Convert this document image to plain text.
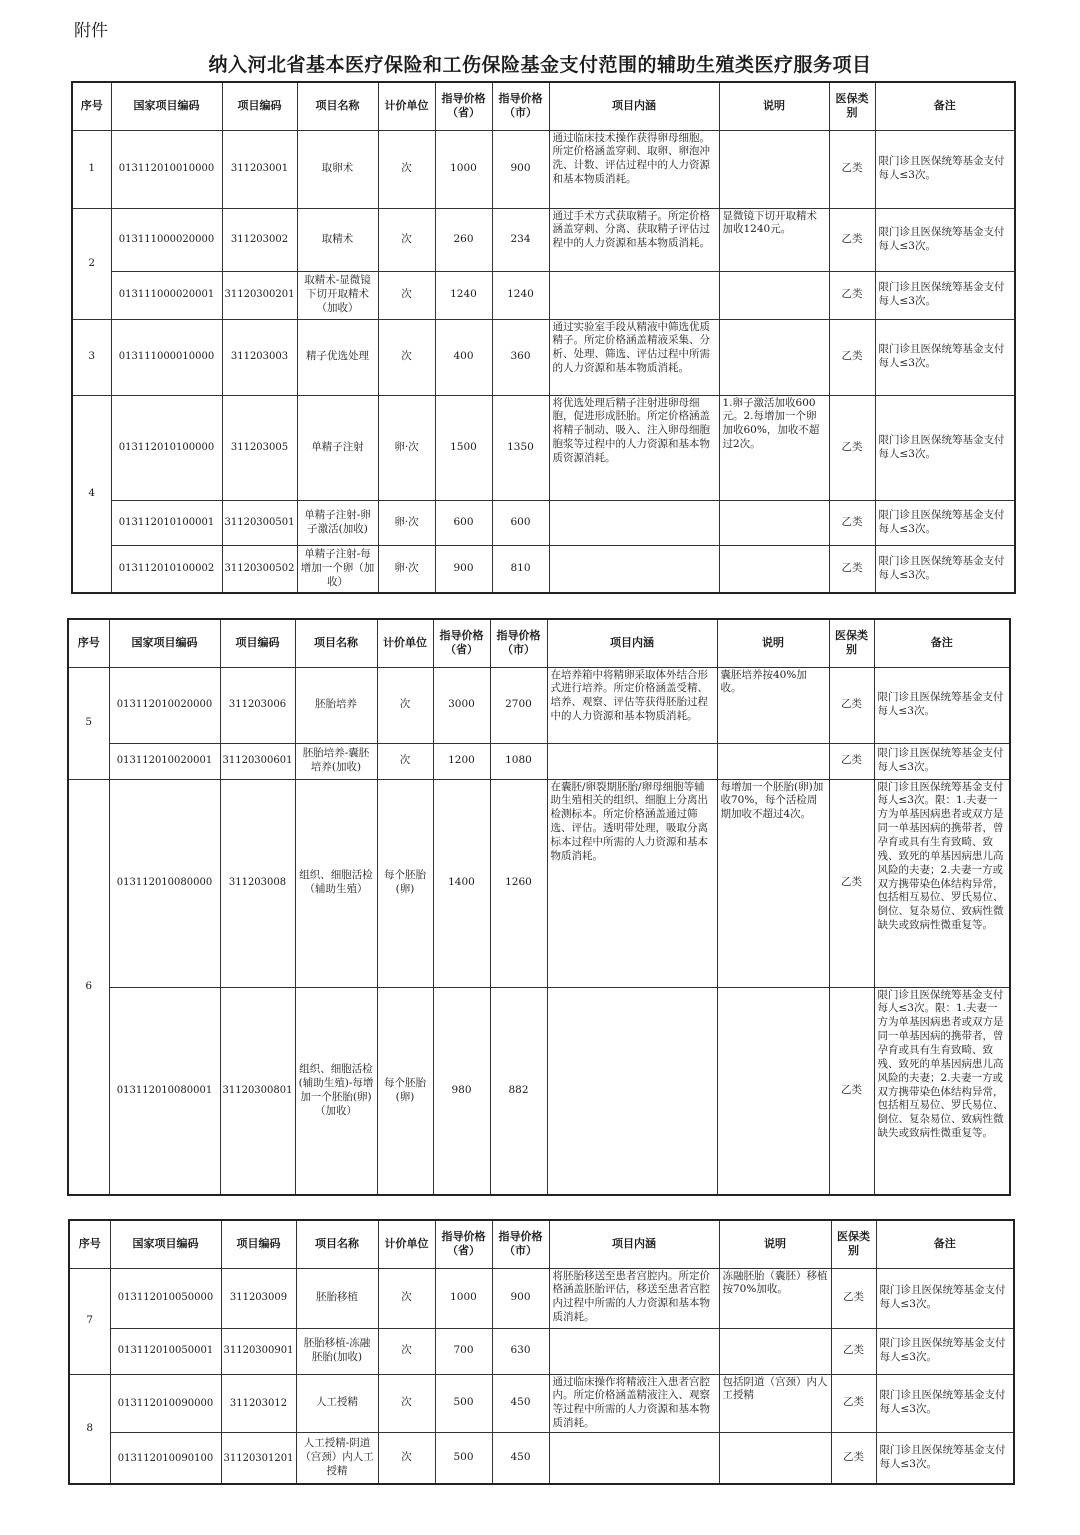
附件
纳入河北省基本医疗保险和工伤保险基金支付范围的辅助生殖类医疗服务项目
序号	国家项目编码	项目编码	项目名称	计价单位	指导价格（省）	指导价格（市）	项目内涵	说明	医保类别	备注
1	013112010010000	311203001	取卵术	次	1000	900	通过临床技术操作获得卵母细胞。所定价格涵盖穿刺、取卵、卵泡冲洗、计数、评估过程中的人力资源和基本物质消耗。		乙类	限门诊且医保统筹基金支付每人≤3次。
2	013111000020000	311203002	取精术	次	260	234	通过手术方式获取精子。所定价格涵盖穿刺、分离、获取精子评估过程中的人力资源和基本物质消耗。	显微镜下切开取精术加收1240元。	乙类	限门诊且医保统筹基金支付每人≤3次。
	013111000020001	31120300201	取精术-显微镜下切开取精术（加收）	次	1240	1240			乙类	限门诊且医保统筹基金支付每人≤3次。
3	013111000010000	311203003	精子优选处理	次	400	360	通过实验室手段从精液中筛选优质精子。所定价格涵盖精液采集、分析、处理、筛选、评估过程中所需的人力资源和基本物质消耗。		乙类	限门诊且医保统筹基金支付每人≤3次。
4	013112010100000	311203005	单精子注射	卵·次	1500	1350	将优选处理后精子注射进卵母细胞，促进形成胚胎。所定价格涵盖将精子制动、吸入、注入卵母细胞胞浆等过程中的人力资源和基本物质资源消耗。	1.卵子激活加收600元。2.每增加一个卵加收60%，加收不超过2次。	乙类	限门诊且医保统筹基金支付每人≤3次。
	013112010100001	31120300501	单精子注射-卵子激活(加收)	卵·次	600	600			乙类	限门诊且医保统筹基金支付每人≤3次。
	013112010100002	31120300502	单精子注射-每增加一个卵（加收）	卵·次	900	810			乙类	限门诊且医保统筹基金支付每人≤3次。
序号	国家项目编码	项目编码	项目名称	计价单位	指导价格（省）	指导价格（市）	项目内涵	说明	医保类别	备注
5	013112010020000	311203006	胚胎培养	次	3000	2700	在培养箱中将精卵采取体外结合形式进行培养。所定价格涵盖受精、培养、观察、评估等获得胚胎过程中的人力资源和基本物质消耗。	囊胚培养按40%加收。	乙类	限门诊且医保统筹基金支付每人≤3次。
	013112010020001	31120300601	胚胎培养-囊胚培养(加收)	次	1200	1080			乙类	限门诊且医保统筹基金支付每人≤3次。
6	013112010080000	311203008	组织、细胞活检（辅助生殖）	每个胚胎(卵)	1400	1260	在囊胚/卵裂期胚胎/卵母细胞等辅助生殖相关的组织、细胞上分离出检测标本。所定价格涵盖通过筛选、评估。透明带处理，吸取分离标本过程中所需的人力资源和基本物质消耗。	每增加一个胚胎(卵)加收70%，每个活检周期加收不超过4次。	乙类	限门诊且医保统筹基金支付每人≤3次。限：1.夫妻一方为单基因病患者或双方是同一单基因病的携带者，曾孕育或具有生育致畸、致残、致死的单基因病患儿高风险的夫妻；2.夫妻一方或双方携带染色体结构异常，包括相互易位、罗氏易位、倒位、复杂易位、致病性微缺失或致病性微重复等。
	013112010080001	31120300801	组织、细胞活检(辅助生殖)-每增加一个胚胎(卵)（加收）	每个胚胎(卵)	980	882			乙类	限门诊且医保统筹基金支付每人≤3次。限：1.夫妻一方为单基因病患者或双方是同一单基因病的携带者，曾孕育或具有生育致畸、致残、致死的单基因病患儿高风险的夫妻；2.夫妻一方或双方携带染色体结构异常，包括相互易位、罗氏易位、倒位、复杂易位、致病性微缺失或致病性微重复等。
序号	国家项目编码	项目编码	项目名称	计价单位	指导价格（省）	指导价格（市）	项目内涵	说明	医保类别	备注
7	013112010050000	311203009	胚胎移植	次	1000	900	将胚胎移送至患者宫腔内。所定价格涵盖胚胎评估，移送至患者宫腔内过程中所需的人力资源和基本物质消耗。	冻融胚胎（囊胚）移植按70%加收。	乙类	限门诊且医保统筹基金支付每人≤3次。
	013112010050001	31120300901	胚胎移植-冻融胚胎(加收)	次	700	630			乙类	限门诊且医保统筹基金支付每人≤3次。
8	013112010090000	311203012	人工授精	次	500	450	通过临床操作将精液注入患者宫腔内。所定价格涵盖精液注入、观察等过程中所需的人力资源和基本物质消耗。	包括阴道（宫颈）内人工授精	乙类	限门诊且医保统筹基金支付每人≤3次。
	013112010090100	31120301201	人工授精-阴道（宫颈）内人工授精	次	500	450			乙类	限门诊且医保统筹基金支付每人≤3次。
